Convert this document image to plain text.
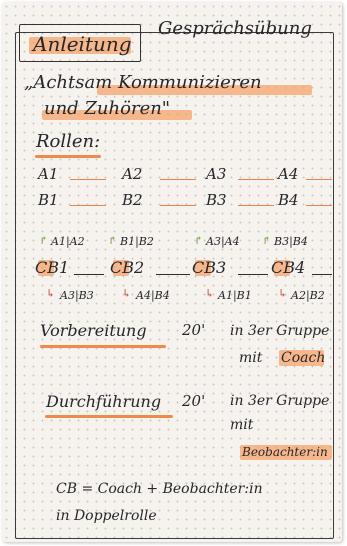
Anleitung
Gesprächsübung
„Achtsam Kommunizieren
und Zuhören"
Rollen:
A1	A2	A3	A4
B1	B2	B3	B4
↱ A1|A2 ↱ B1|B2	↱ A3|A4 ↱ B3|B4
CB1	CB2	CB3	CB4
↳ A3|B3	↳ A4|B4	↳ A1|B1 ↳ A2|B2
Vorbereitung 20' in 3er Gruppe
mit Coach
Durchführung 20' in 3er Gruppe
mit
Beobachter:in
CB = Coach + Beobachter:in
in Doppelrolle
